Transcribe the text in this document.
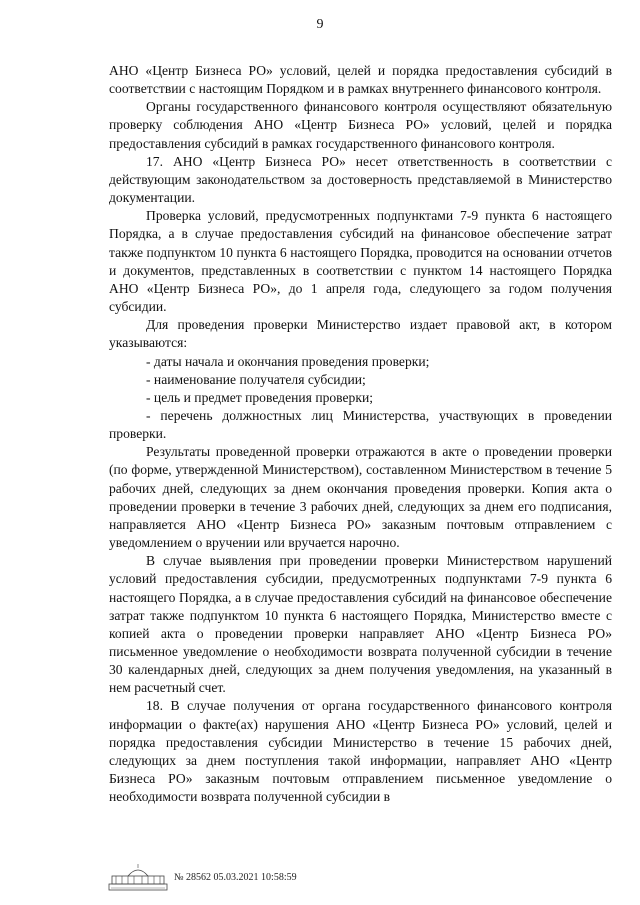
9

АНО «Центр Бизнеса РО» условий, целей и порядка предоставления субсидий в соответствии с настоящим Порядком и в рамках внутреннего финансового контроля.

Органы государственного финансового контроля осуществляют обязательную проверку соблюдения АНО «Центр Бизнеса РО» условий, целей и порядка предоставления субсидий в рамках государственного финансового контроля.

17. АНО «Центр Бизнеса РО» несет ответственность в соответствии с действующим законодательством за достоверность представляемой в Министерство документации.

Проверка условий, предусмотренных подпунктами 7-9 пункта 6 настоящего Порядка, а в случае предоставления субсидий на финансовое обеспечение затрат также подпунктом 10 пункта 6 настоящего Порядка, проводится на основании отчетов и документов, представленных в соответствии с пунктом 14 настоящего Порядка АНО «Центр Бизнеса РО», до 1 апреля года, следующего за годом получения субсидии.

Для проведения проверки Министерство издает правовой акт, в котором указываются:

- даты начала и окончания проведения проверки;

- наименование получателя субсидии;

- цель и предмет проведения проверки;

- перечень должностных лиц Министерства, участвующих в проведении проверки.

Результаты проведенной проверки отражаются в акте о проведении проверки (по форме, утвержденной Министерством), составленном Министерством в течение 5 рабочих дней, следующих за днем окончания проведения проверки. Копия акта о проведении проверки в течение 3 рабочих дней, следующих за днем его подписания, направляется АНО «Центр Бизнеса РО» заказным почтовым отправлением с уведомлением о вручении или вручается нарочно.

В случае выявления при проведении проверки Министерством нарушений условий предоставления субсидии, предусмотренных подпунктами 7-9 пункта 6 настоящего Порядка, а в случае предоставления субсидий на финансовое обеспечение затрат также подпунктом 10 пункта 6 настоящего Порядка, Министерство вместе с копией акта о проведении проверки направляет АНО «Центр Бизнеса РО» письменное уведомление о необходимости возврата полученной субсидии в течение 30 календарных дней, следующих за днем получения уведомления, на указанный в нем расчетный счет.

18. В случае получения от органа государственного финансового контроля информации о факте(ах) нарушения АНО «Центр Бизнеса РО» условий, целей и порядка предоставления субсидии Министерство в течение 15 рабочих дней, следующих за днем поступления такой информации, направляет АНО «Центр Бизнеса РО» заказным почтовым отправлением письменное уведомление о необходимости возврата полученной субсидии в

№ 28562 05.03.2021 10:58:59
